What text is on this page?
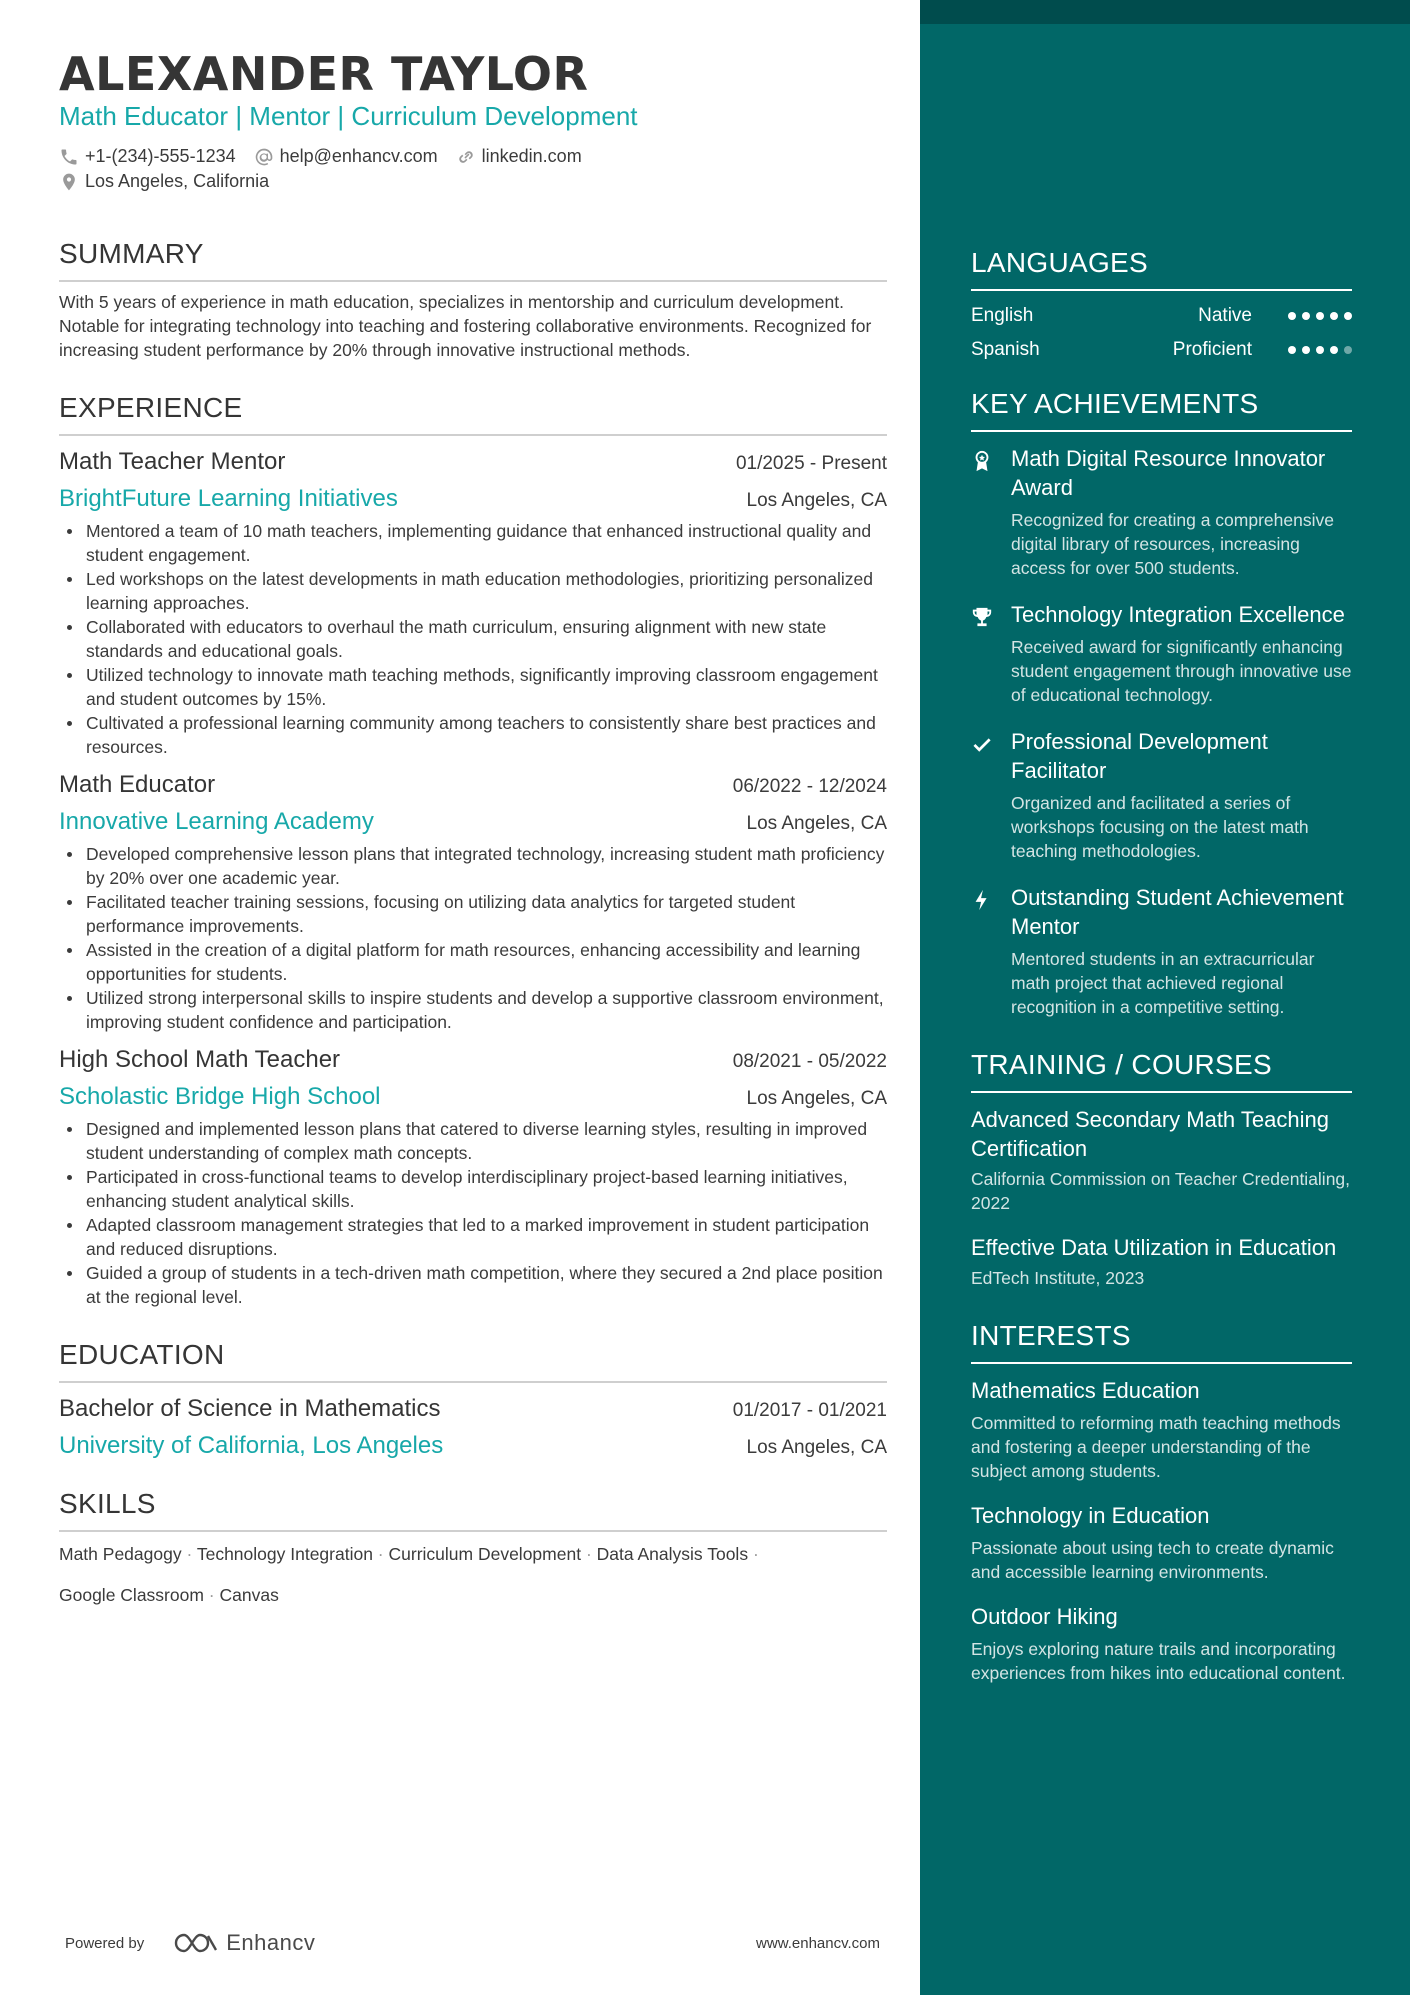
ALEXANDER TAYLOR
Math Educator | Mentor | Curriculum Development
+1-(234)-555-1234 help@enhancv.com linkedin.com
Los Angeles, California
SUMMARY
With 5 years of experience in math education, specializes in mentorship and curriculum development. Notable for integrating technology into teaching and fostering collaborative environments. Recognized for increasing student performance by 20% through innovative instructional methods.
EXPERIENCE
Math Teacher Mentor	01/2025 - Present
BrightFuture Learning Initiatives	Los Angeles, CA
Mentored a team of 10 math teachers, implementing guidance that enhanced instructional quality and student engagement.
Led workshops on the latest developments in math education methodologies, prioritizing personalized learning approaches.
Collaborated with educators to overhaul the math curriculum, ensuring alignment with new state standards and educational goals.
Utilized technology to innovate math teaching methods, significantly improving classroom engagement and student outcomes by 15%.
Cultivated a professional learning community among teachers to consistently share best practices and resources.
Math Educator	06/2022 - 12/2024
Innovative Learning Academy	Los Angeles, CA
Developed comprehensive lesson plans that integrated technology, increasing student math proficiency by 20% over one academic year.
Facilitated teacher training sessions, focusing on utilizing data analytics for targeted student performance improvements.
Assisted in the creation of a digital platform for math resources, enhancing accessibility and learning opportunities for students.
Utilized strong interpersonal skills to inspire students and develop a supportive classroom environment, improving student confidence and participation.
High School Math Teacher	08/2021 - 05/2022
Scholastic Bridge High School	Los Angeles, CA
Designed and implemented lesson plans that catered to diverse learning styles, resulting in improved student understanding of complex math concepts.
Participated in cross-functional teams to develop interdisciplinary project-based learning initiatives, enhancing student analytical skills.
Adapted classroom management strategies that led to a marked improvement in student participation and reduced disruptions.
Guided a group of students in a tech-driven math competition, where they secured a 2nd place position at the regional level.
EDUCATION
Bachelor of Science in Mathematics	01/2017 - 01/2021
University of California, Los Angeles	Los Angeles, CA
SKILLS
Math Pedagogy · Technology Integration · Curriculum Development · Data Analysis Tools ·
Google Classroom · Canvas
Powered by	Enhancv	www.enhancv.com
LANGUAGES
English	Native
Spanish	Proficient
KEY ACHIEVEMENTS
Math Digital Resource Innovator Award
Recognized for creating a comprehensive digital library of resources, increasing access for over 500 students.
Technology Integration Excellence
Received award for significantly enhancing student engagement through innovative use of educational technology.
Professional Development Facilitator
Organized and facilitated a series of workshops focusing on the latest math teaching methodologies.
Outstanding Student Achievement Mentor
Mentored students in an extracurricular math project that achieved regional recognition in a competitive setting.
TRAINING / COURSES
Advanced Secondary Math Teaching Certification
California Commission on Teacher Credentialing, 2022
Effective Data Utilization in Education
EdTech Institute, 2023
INTERESTS
Mathematics Education
Committed to reforming math teaching methods and fostering a deeper understanding of the subject among students.
Technology in Education
Passionate about using tech to create dynamic and accessible learning environments.
Outdoor Hiking
Enjoys exploring nature trails and incorporating experiences from hikes into educational content.
